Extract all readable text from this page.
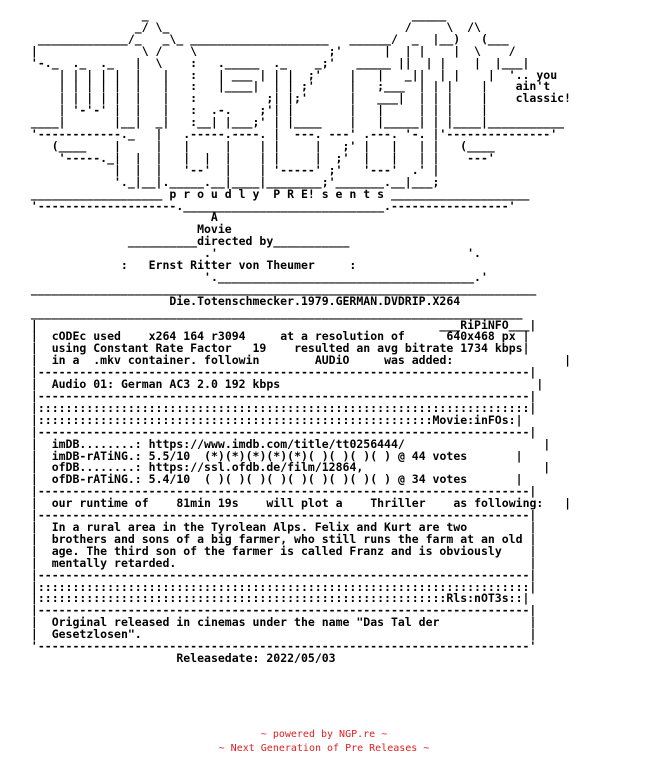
_                                      _____
_/ \_                                  /     \  /\
_____________/_   _\_ ____________________   ______/  _  |__)   (___
|               \ /    \                   ;'      |  | |    |  \    /
'-._  ._  ._   |  \    :   ._____  ._    _;'   _____ ||  | |    |  |___|
| | | | |  |   |   :   | ___ | | |  ;'    |   |   _||  | |    |  '.. you
| | | | |  |   |   :   |____|  | | ;'     |   ;___  | | |    |    ain't
| | | | |  |   |   :          ;| |;'      |   ___|  | | |    |    classic!
| '-'-' |  |   |   :  .-.    ;'| |        |   |     | | |    |
____|       |__|  _|   :__| |___;' | |____    |   |_____| | |____|___________
'------------._   |   .-----.----. |  ---. ---' .---. '-. |'---------------'
(____    |     |   |     |    | |     |   ;' |   |   | |   (____
'-----._|  |  |   |  |  |    | |     |  ;'  |   |   | |    ---'
|  |  |   '--'  |    | '-----' ;'   '---'  .' |
'._|__|._____.__|____|________;'_______.__|___;
___________________ p r o u d l y  P R E! s e n t s ____________________
'--------------------._____________________________.-----------------'
A
Movie
__________directed by___________
.'                                    '.
:   Ernst Ritter von Theumer	:
'._____________________________________.'
_________________________________________________________________________
Die.Totenschmecker.1979.GERMAN.DVDRIP.X264
_______________________________________________________________________
|                                                          ___RiPiNFO___|
|  cODEc used x264 164 r3094	at a resolution of	640x468 px |
|  using Constant Rate Factor 19 resulted an avg bitrate 1734 kbps|
|  in a  .mkv container. followin	AUDiO	was added:	|
|-----------------------------------------------------------------------|
|  Audio 01: German AC3 2.0 192 kbps	|
|-----------------------------------------------------------------------|
|:::::::::::::::::::::::::::::::::::::::::::::::::::::::::::::::::::::::|
|:::::::::::::::::::::::::::::::::::::::::::::::::::::::::Movie:inFOs:|
|-----------------------------------------------------------------------|
|  imDB........: https://www.imdb.com/title/tt0256444/	|
|  imDB-rATiNG.: 5.5/10 (*)(*)(*)(*)(*)( )( )( )( ) @ 44 votes	|
|  ofDB........: https://ssl.ofdb.de/film/12864,	|
|  ofDB-rATiNG.: 5.4/10 ( )( )( )( )( )( )( )( )( ) @ 34 votes	|
|-----------------------------------------------------------------------|
|  our runtime of 81min 19s will plot a Thriller as following:   |
|-----------------------------------------------------------------------|
|  In a rural area in the Tyrolean Alps. Felix and Kurt are two         |
|  brothers and sons of a big farmer, who still runs the farm at an old |
|  age. The third son of the farmer is called Franz and is obviously    |
|  mentally retarded.                                                   |
|-----------------------------------------------------------------------|
|:::::::::::::::::::::::::::::::::::::::::::::::::::::::::::::::::::::::|
|:::::::::::::::::::::::::::::::::::::::::::::::::::::::::::Rls:nOT3s::|
|-----------------------------------------------------------------------|
|  Original released in cinemas under the name "Das Tal der             |
|  Gesetzlosen".                                                        |
'-----------------------------------------------------------------------'
Releasedate: 2022/05/03
~ powered by NGP.re ~
~ Next Generation of Pre Releases ~
